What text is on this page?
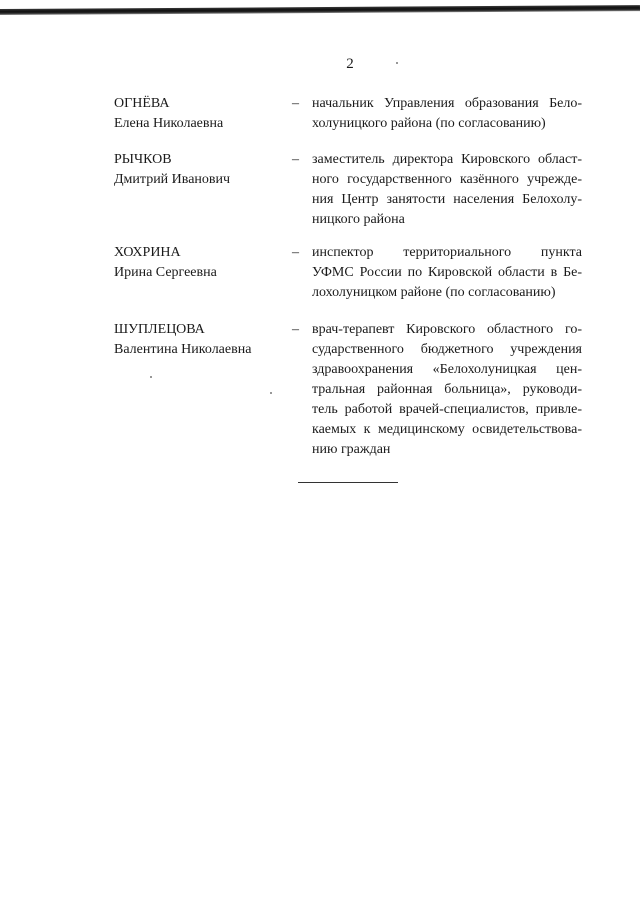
2
ОГНЁВА
Елена Николаевна
– начальник Управления образования Бело-
холуницкого района (по согласованию)
РЫЧКОВ
Дмитрий Иванович
– заместитель директора Кировского област-
ного государственного казённого учрежде-
ния Центр занятости населения Белохолу-
ницкого района
ХОХРИНА
Ирина Сергеевна
– инспектор территориального пункта
УФМС России по Кировской области в Бе-
лохолуницком районе (по согласованию)
ШУПЛЕЦОВА
Валентина Николаевна
– врач-терапевт Кировского областного го-
сударственного бюджетного учреждения
здравоохранения «Белохолуницкая цен-
тральная районная больница», руководи-
тель работой врачей-специалистов, привле-
каемых к медицинскому освидетельствова-
нию граждан
